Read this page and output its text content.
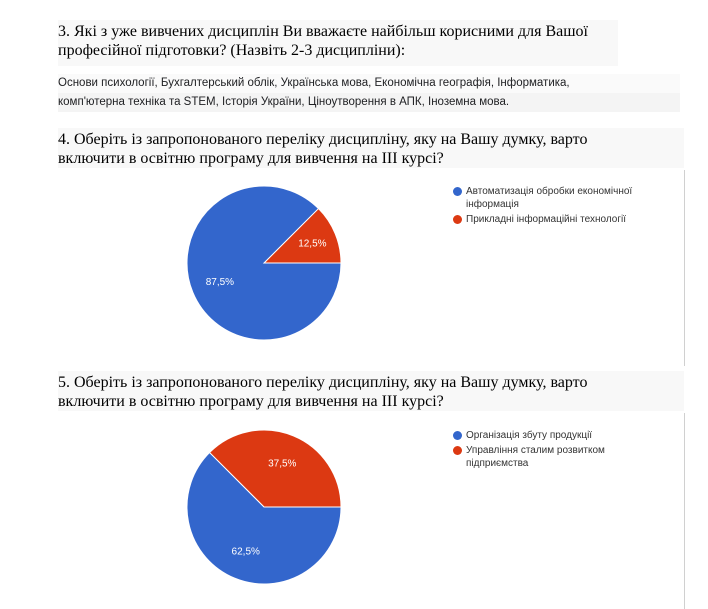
3. Які з уже вивчених дисциплін Ви вважаєте найбільш корисними для Вашої професійної підготовки? (Назвіть 2-3 дисципліни):

Основи психології, Бухгалтерський облік, Українська мова, Економічна географія, Інформатика,
комп'ютерна техніка та STEM, Історія України, Ціноутворення в АПК, Іноземна мова.

4. Оберіть із запропонованого переліку дисципліну, яку на Вашу думку, варто включити в освітню програму для вивчення на ІІІ курсі?

Автоматизація обробки економічної інформація
Прикладні інформаційні технології

5. Оберіть із запропонованого переліку дисципліну, яку на Вашу думку, варто включити в освітню програму для вивчення на ІІІ курсі?

Організація збуту продукції
Управління сталим розвитком підприємства
12,5%
87,5%
37,5%
62,5%
